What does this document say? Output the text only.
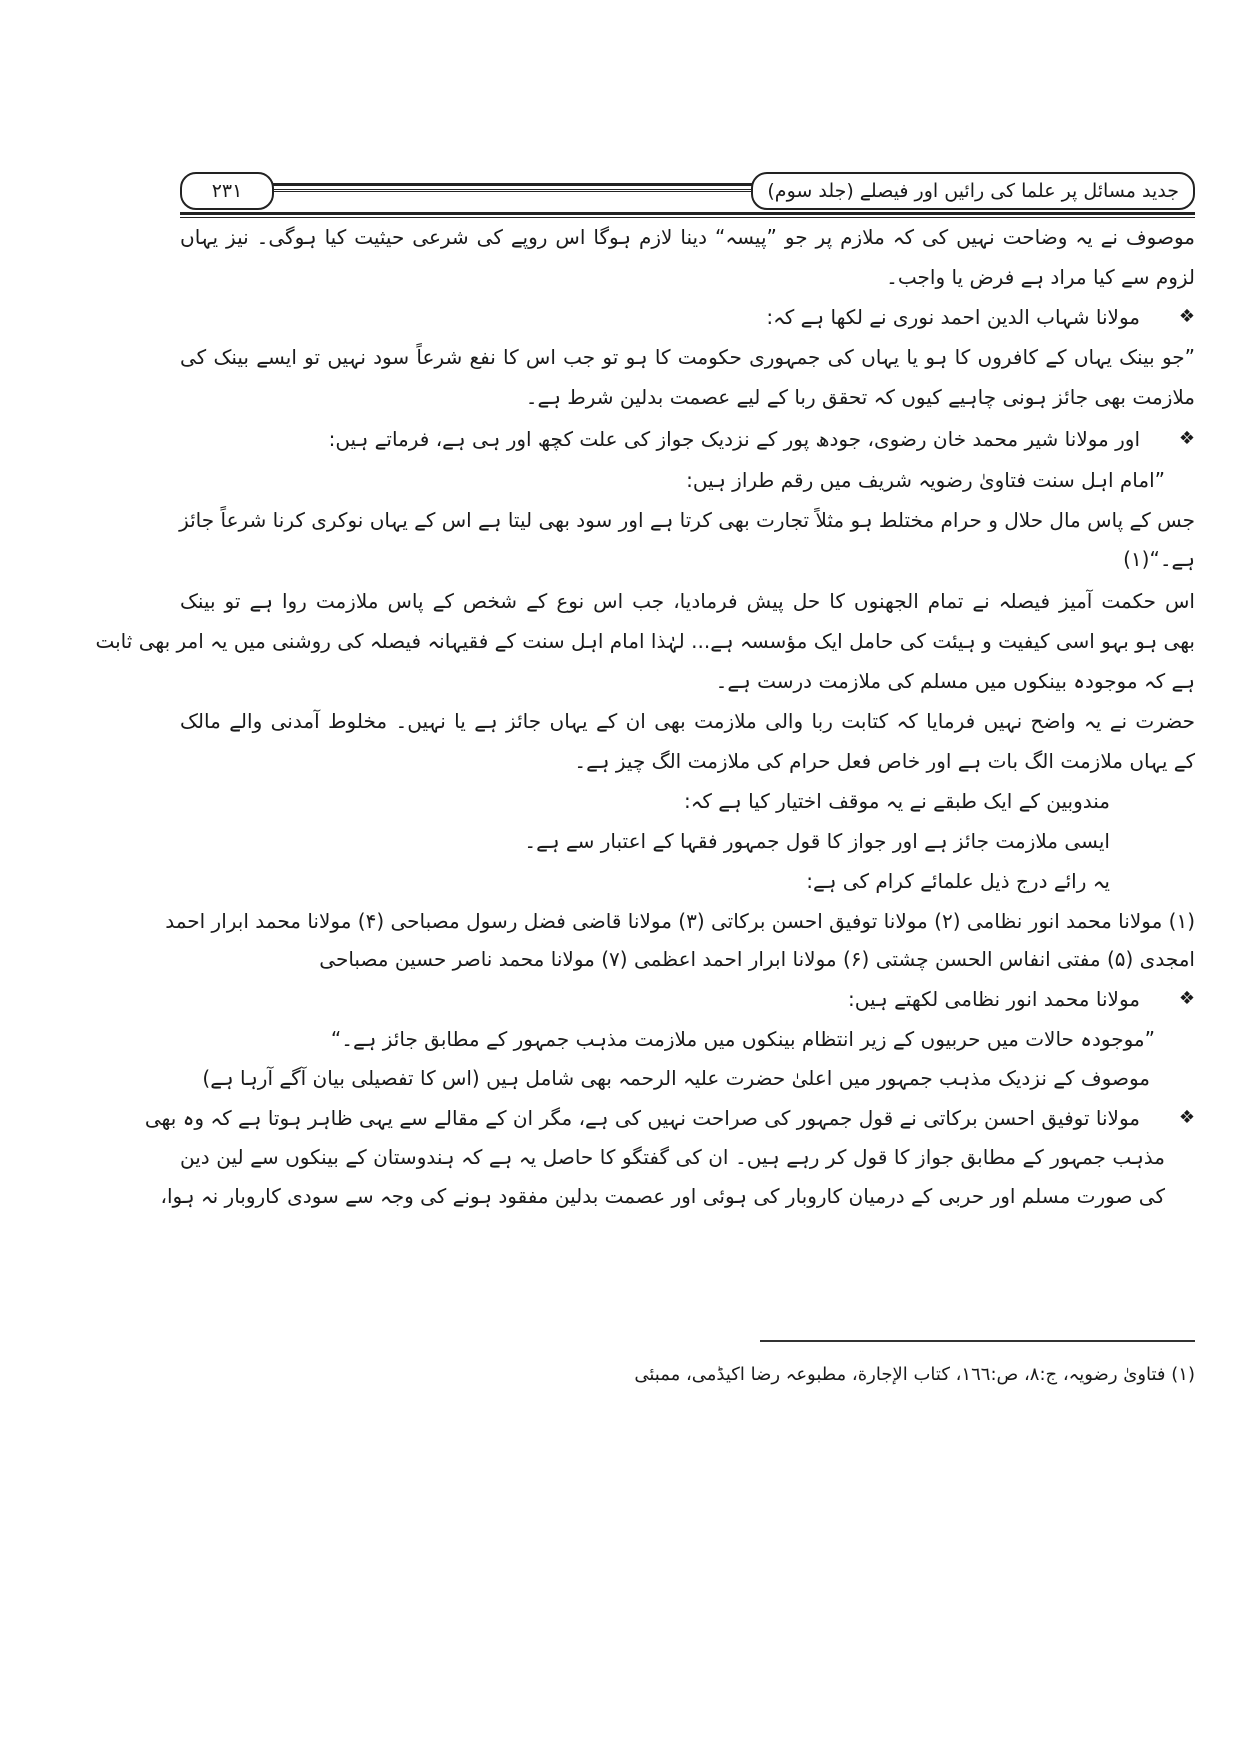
۲۳۱	جدید مسائل پر علما کی رائیں اور فیصلے (جلد سوم)
موصوف نے یہ وضاحت نہیں کی کہ ملازم پر جو ”پیسہ“ دینا لازم ہوگا اس روپے کی شرعی حیثیت کیا ہوگی۔ نیز یہاں
لزوم سے کیا مراد ہے فرض یا واجب۔
❖
مولانا شہاب الدین احمد نوری نے لکھا ہے کہ:
”جو بینک یہاں کے کافروں کا ہو یا یہاں کی جمہوری حکومت کا ہو تو جب اس کا نفع شرعاً سود نہیں تو ایسے بینک کی
ملازمت بھی جائز ہونی چاہیے کیوں کہ تحقق ربا کے لیے عصمت بدلین شرط ہے۔
❖
اور مولانا شیر محمد خان رضوی، جودھ پور کے نزدیک جواز کی علت کچھ اور ہی ہے، فرماتے ہیں:
”امام اہل سنت فتاویٰ رضویہ شریف میں رقم طراز ہیں:
جس کے پاس مال حلال و حرام مختلط ہو مثلاً تجارت بھی کرتا ہے اور سود بھی لیتا ہے اس کے یہاں نوکری کرنا شرعاً جائز
ہے۔“(۱)
اس حکمت آمیز فیصلہ نے تمام الجھنوں کا حل پیش فرمادیا، جب اس نوع کے شخص کے پاس ملازمت روا ہے تو بینک
بھی ہو بہو اسی کیفیت و ہیئت کی حامل ایک مؤسسہ ہے... لہٰذا امام اہل سنت کے فقیہانہ فیصلہ کی روشنی میں یہ امر بھی ثابت
ہے کہ موجودہ بینکوں میں مسلم کی ملازمت درست ہے۔
حضرت نے یہ واضح نہیں فرمایا کہ کتابت ربا والی ملازمت بھی ان کے یہاں جائز ہے یا نہیں۔ مخلوط آمدنی والے مالک
کے یہاں ملازمت الگ بات ہے اور خاص فعل حرام کی ملازمت الگ چیز ہے۔
مندوبین کے ایک طبقے نے یہ موقف اختیار کیا ہے کہ:
ایسی ملازمت جائز ہے اور جواز کا قول جمہور فقہا کے اعتبار سے ہے۔
یہ رائے درج ذیل علمائے کرام کی ہے:
(۱) مولانا محمد انور نظامی (۲) مولانا توفیق احسن برکاتی (۳) مولانا قاضی فضل رسول مصباحی (۴) مولانا محمد ابرار احمد
امجدی (۵) مفتی انفاس الحسن چشتی (۶) مولانا ابرار احمد اعظمی (۷) مولانا محمد ناصر حسین مصباحی
❖
مولانا محمد انور نظامی لکھتے ہیں:
”موجودہ حالات میں حربیوں کے زیر انتظام بینکوں میں ملازمت مذہب جمہور کے مطابق جائز ہے۔“
موصوف کے نزدیک مذہب جمہور میں اعلیٰ حضرت علیہ الرحمہ بھی شامل ہیں (اس کا تفصیلی بیان آگے آرہا ہے)
❖
مولانا توفیق احسن برکاتی نے قول جمہور کی صراحت نہیں کی ہے، مگر ان کے مقالے سے یہی ظاہر ہوتا ہے کہ وہ بھی
مذہب جمہور کے مطابق جواز کا قول کر رہے ہیں۔ ان کی گفتگو کا حاصل یہ ہے کہ ہندوستان کے بینکوں سے لین دین
کی صورت مسلم اور حربی کے درمیان کاروبار کی ہوئی اور عصمت بدلین مفقود ہونے کی وجہ سے سودی کاروبار نہ ہوا،
(۱) فتاویٰ رضویہ، ج:۸، ص:۱٦٦، کتاب الإجارة، مطبوعہ رضا اکیڈمی، ممبئی
